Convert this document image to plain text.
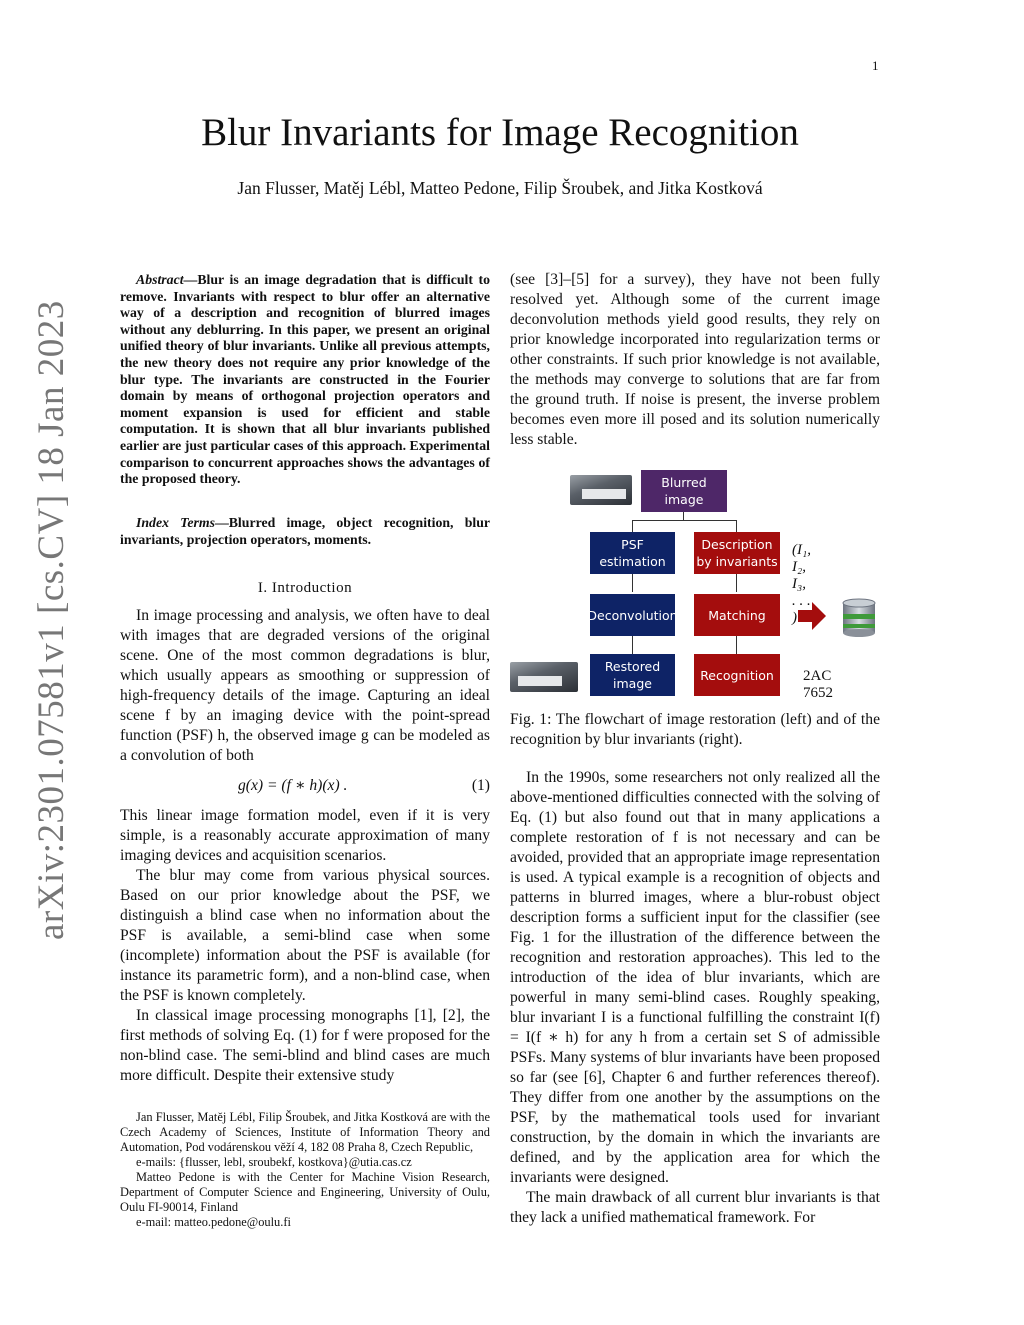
1
Blur Invariants for Image Recognition
Jan Flusser, Matěj Lébl, Matteo Pedone, Filip Šroubek, and Jitka Kostková
arXiv:2301.07581v1 [cs.CV] 18 Jan 2023

Abstract—Blur is an image degradation that is difficult to remove. Invariants with respect to blur offer an alternative way of a description and recognition of blurred images without any deblurring. In this paper, we present an original unified theory of blur invariants. Unlike all previous attempts, the new theory does not require any prior knowledge of the blur type. The invariants are constructed in the Fourier domain by means of orthogonal projection operators and moment expansion is used for efficient and stable computation. It is shown that all blur invariants published earlier are just particular cases of this approach. Experimental comparison to concurrent approaches shows the advantages of the proposed theory.

Index Terms—Blurred image, object recognition, blur invariants, projection operators, moments.

I. Introduction

In image processing and analysis, we often have to deal with images that are degraded versions of the original scene. One of the most common degradations is blur, which usually appears as smoothing or suppression of high-frequency details of the image. Capturing an ideal scene f by an imaging device with the point-spread function (PSF) h, the observed image g can be modeled as a convolution of both

g(x) = (f ∗ h)(x) .	(1)

This linear image formation model, even if it is very simple, is a reasonably accurate approximation of many imaging devices and acquisition scenarios.

The blur may come from various physical sources. Based on our prior knowledge about the PSF, we distinguish a blind case when no information about the PSF is available, a semi-blind case when some (incomplete) information about the PSF is available (for instance its parametric form), and a non-blind case, when the PSF is known completely.

In classical image processing monographs [1], [2], the first methods of solving Eq. (1) for f were proposed for the non-blind case. The semi-blind and blind cases are much more difficult. Despite their extensive study

Jan Flusser, Matěj Lébl, Filip Šroubek, and Jitka Kostková are with the Czech Academy of Sciences, Institute of Information Theory and Automation, Pod vodárenskou věží 4, 182 08 Praha 8, Czech Republic,

e-mails: {flusser, lebl, sroubekf, kostkova}@utia.cas.cz

Matteo Pedone is with the Center for Machine Vision Research, Department of Computer Science and Engineering, University of Oulu, Oulu FI-90014, Finland

e-mail: matteo.pedone@oulu.fi

(see [3]–[5] for a survey), they have not been fully resolved yet. Although some of the current image deconvolution methods yield good results, they rely on prior knowledge incorporated into regularization terms or other constraints. If such prior knowledge is not available, the methods may converge to solutions that are far from the ground truth. If noise is present, the inverse problem becomes even more ill posed and its solution numerically less stable.

Blurred image
PSF estimation
Description by invariants
(I₁, I₂, I₃, . . . )
Deconvolution	Matching
Restored image
Recognition	2AC 7652
Fig. 1: The flowchart of image restoration (left) and of the recognition by blur invariants (right).

In the 1990s, some researchers not only realized all the above-mentioned difficulties connected with the solving of Eq. (1) but also found out that in many applications a complete restoration of f is not necessary and can be avoided, provided that an appropriate image representation is used. A typical example is a recognition of objects and patterns in blurred images, where a blur-robust object description forms a sufficient input for the classifier (see Fig. 1 for the illustration of the difference between the recognition and restoration approaches). This led to the introduction of the idea of blur invariants, which are powerful in many semi-blind cases. Roughly speaking, blur invariant I is a functional fulfilling the constraint I(f) = I(f ∗ h) for any h from a certain set S of admissible PSFs. Many systems of blur invariants have been proposed so far (see [6], Chapter 6 and further references thereof). They differ from one another by the assumptions on the PSF, by the mathematical tools used for invariant construction, by the domain in which the invariants are defined, and by the application area for which the invariants were designed.

The main drawback of all current blur invariants is that they lack a unified mathematical framework. For
